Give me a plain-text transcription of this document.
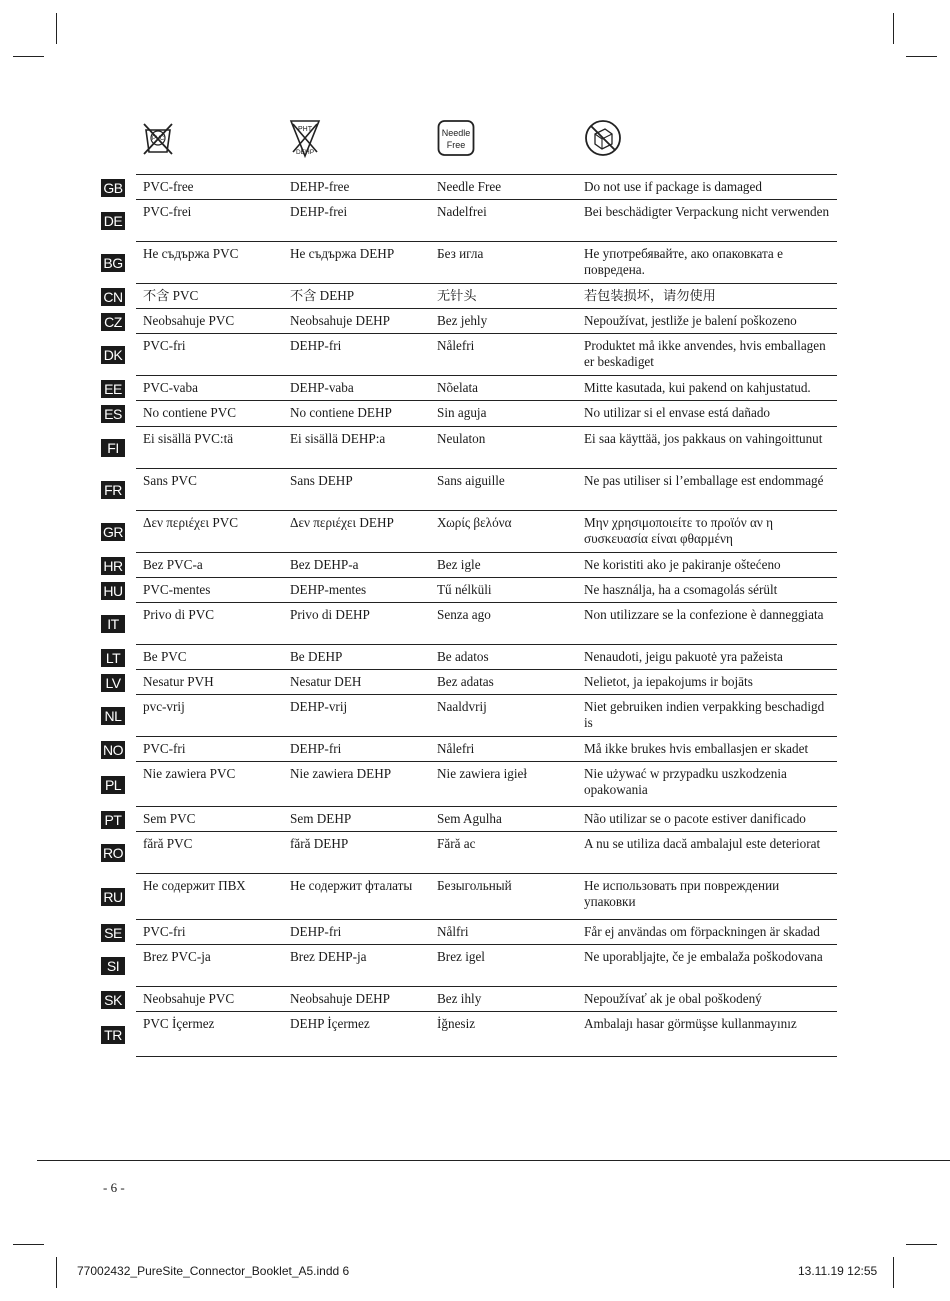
PVC
PHT
DEHP
Needle
Free
GB PVC-free	DEHP-free	Needle Free	Do not use if package is damaged
DE
PVC-frei	DEHP-frei	Nadelfrei	Bei beschädigter Verpackung nicht verwenden
BG
Не съдържа PVC	Не съдържа DEHP	Без игла	Не употребявайте, ако опаковката е повредена.
CN 不含 PVC	不含 DEHP	无针头	若包装损坏，请勿使用
CZ Neobsahuje PVC	Neobsahuje DEHP	Bez jehly	Nepoužívat, jestliže je balení poškozeno
DK
PVC-fri	DEHP-fri	Nålefri	Produktet må ikke anvendes, hvis emballagen er beskadiget
EE PVC-vaba	DEHP-vaba	Nõelata	Mitte kasutada, kui pakend on kahjustatud.
ES No contiene PVC	No contiene DEHP	Sin aguja	No utilizar si el envase está dañado
FI
Ei sisällä PVC:tä	Ei sisällä DEHP:a	Neulaton	Ei saa käyttää, jos pakkaus on vahingoittunut
FR
Sans PVC	Sans DEHP	Sans aiguille	Ne pas utiliser si l’emballage est endommagé
GR
Δεν περιέχει PVC	Δεν περιέχει DEHP	Χωρίς βελόνα	Μην χρησιμοποιείτε το προϊόν αν η συσκευασία είναι φθαρμένη
HR Bez PVC-a	Bez DEHP-a	Bez igle	Ne koristiti ako je pakiranje oštećeno
HU PVC-mentes	DEHP-mentes	Tű nélküli	Ne használja, ha a csomagolás sérült
IT
Privo di PVC	Privo di DEHP	Senza ago	Non utilizzare se la confezione è danneggiata
LT	Be PVC	Be DEHP	Be adatos	Nenaudoti, jeigu pakuotė yra pažeista
LV	Nesatur PVH	Nesatur DEH	Bez adatas	Nelietot, ja iepakojums ir bojāts
NL
pvc-vrij	DEHP-vrij	Naaldvrij	Niet gebruiken indien verpakking beschadigd is
NO PVC-fri	DEHP-fri	Nålefri	Må ikke brukes hvis emballasjen er skadet
PL
Nie zawiera PVC	Nie zawiera DEHP	Nie zawiera igieł	Nie używać w przypadku uszkodzenia opakowania
PT Sem PVC	Sem DEHP	Sem Agulha	Não utilizar se o pacote estiver danificado
RO
fără PVC	fără DEHP	Fără ac	A nu se utiliza dacă ambalajul este deteriorat
RU
Не содержит ПВХ	Не содержит фталаты	Безыгольный	Не использовать при повреждении упаковки
SE PVC-fri	DEHP-fri	Nålfri	Får ej användas om förpackningen är skadad
SI
Brez PVC-ja	Brez DEHP-ja	Brez igel	Ne uporabljajte, če je embalaža poškodovana
SK Neobsahuje PVC	Neobsahuje DEHP	Bez ihly	Nepoužívať ak je obal poškodený
TR
PVC İçermez	DEHP İçermez	İğnesiz	Ambalajı hasar görmüşse kullanmayınız
- 6 -
77002432_PureSite_Connector_Booklet_A5.indd 6	13.11.19 12:55
